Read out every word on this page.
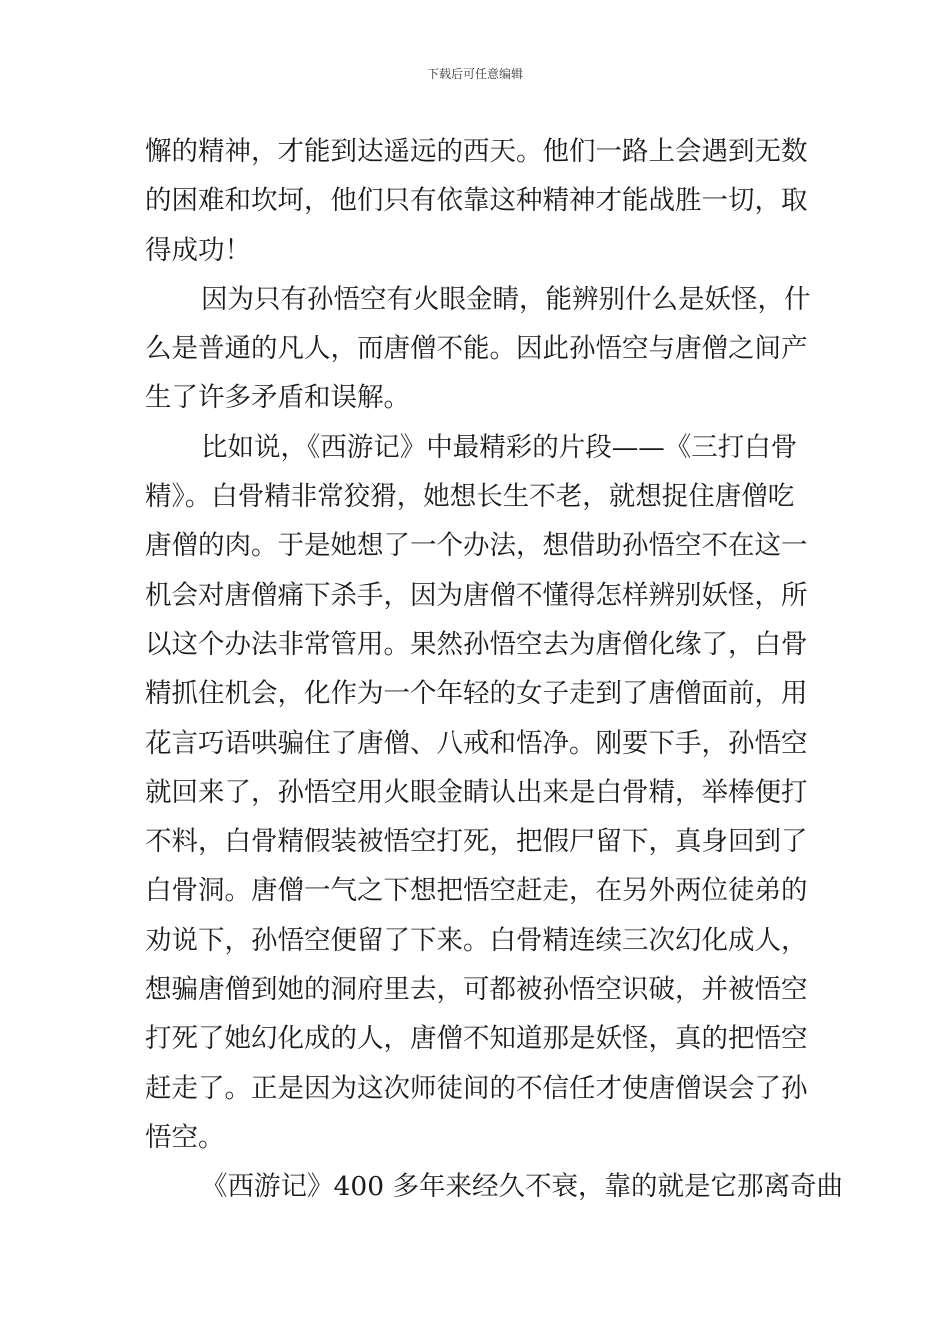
下载后可任意编辑
懈的精神，才能到达遥远的西天。他们一路上会遇到无数
的困难和坎坷，他们只有依靠这种精神才能战胜一切，取
得成功！
因为只有孙悟空有火眼金睛，能辨别什么是妖怪，什
么是普通的凡人，而唐僧不能。因此孙悟空与唐僧之间产
生了许多矛盾和误解。
比如说，《西游记》中最精彩的片段——《三打白骨
精》。白骨精非常狡猾，她想长生不老，就想捉住唐僧吃
唐僧的肉。于是她想了一个办法，想借助孙悟空不在这一
机会对唐僧痛下杀手，因为唐僧不懂得怎样辨别妖怪，所
以这个办法非常管用。果然孙悟空去为唐僧化缘了，白骨
精抓住机会，化作为一个年轻的女子走到了唐僧面前，用
花言巧语哄骗住了唐僧、八戒和悟净。刚要下手，孙悟空
就回来了，孙悟空用火眼金睛认出来是白骨精，举棒便打
不料，白骨精假装被悟空打死，把假尸留下，真身回到了
白骨洞。唐僧一气之下想把悟空赶走，在另外两位徒弟的
劝说下，孙悟空便留了下来。白骨精连续三次幻化成人，
想骗唐僧到她的洞府里去，可都被孙悟空识破，并被悟空
打死了她幻化成的人，唐僧不知道那是妖怪，真的把悟空
赶走了。正是因为这次师徒间的不信任才使唐僧误会了孙
悟空。
《西游记》400 多年来经久不衰，靠的就是它那离奇曲
